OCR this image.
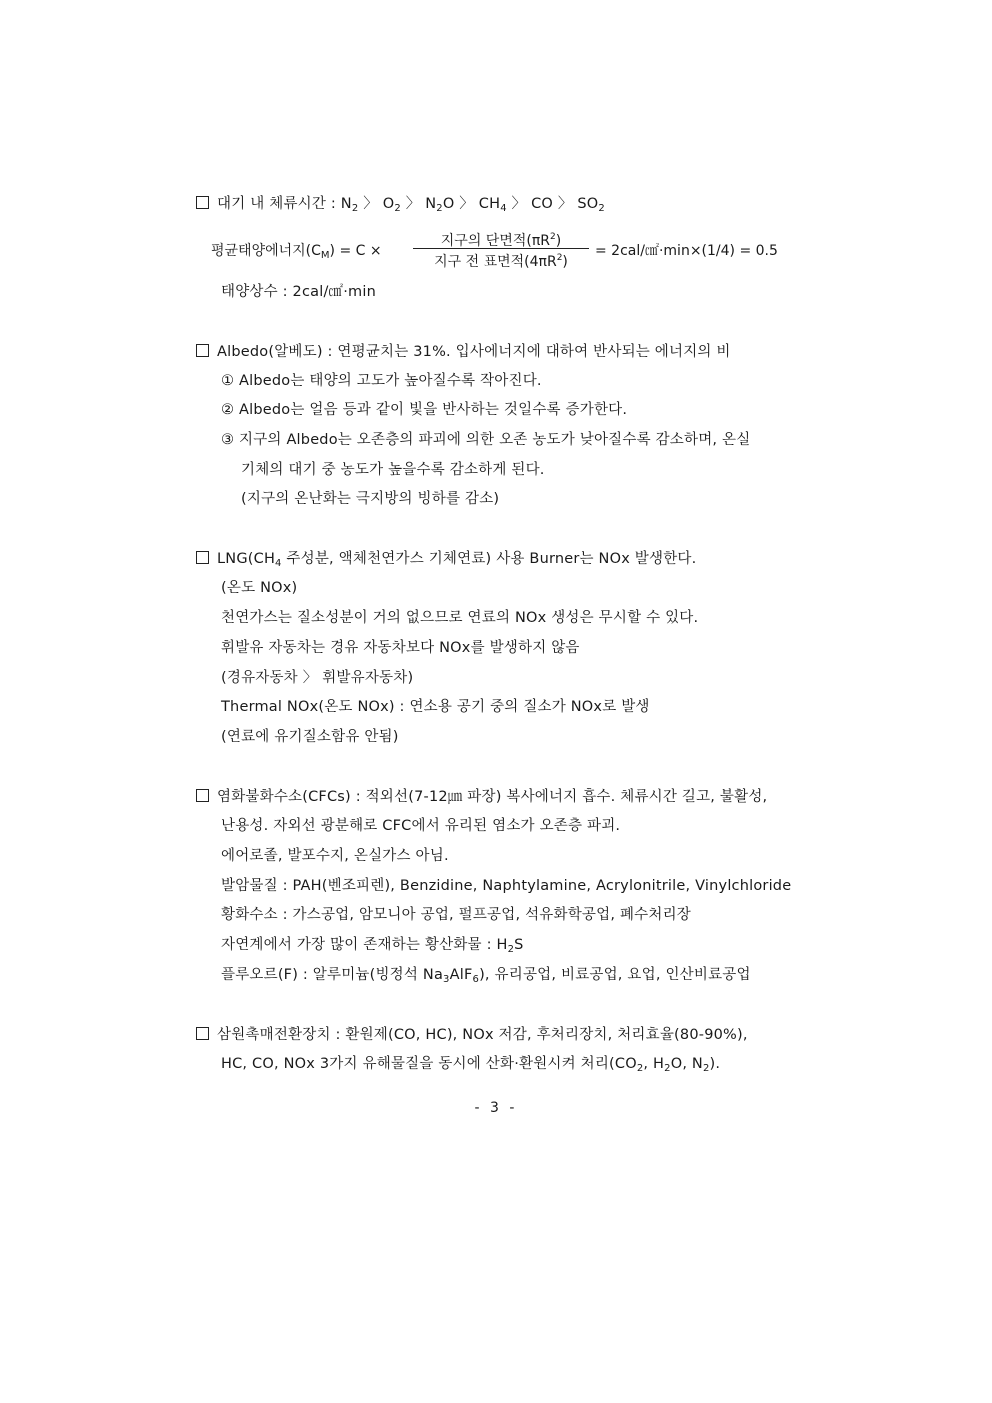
대기 내 체류시간 : $N_2$ 〉 $O_2$ 〉 $N_2O$ 〉 $CH_4$ 〉 CO 〉 $SO_2$
평균태양에너지$(C_M) = C$ ×
지구의 단면적$(\pi R^2)$
지구 전 표면적$(4\pi R^2)$
= 2cal/㎠·min×(1/4) = 0.5
태양상수 : 2cal/㎠·min
Albedo(알베도) : 연평균치는 31%. 입사에너지에 대하여 반사되는 에너지의 비
① Albedo는 태양의 고도가 높아질수록 작아진다.
② Albedo는 얼음 등과 같이 빛을 반사하는 것일수록 증가한다.
③ 지구의 Albedo는 오존층의 파괴에 의한 오존 농도가 낮아질수록 감소하며, 온실
기체의 대기 중 농도가 높을수록 감소하게 된다.
(지구의 온난화는 극지방의 빙하를 감소)
$LNG(CH_4$ 주성분, 액체천연가스 기체연료) 사용 Burner는 NOx 발생한다.
(온도 NOx)
천연가스는 질소성분이 거의 없으므로 연료의 NOx 생성은 무시할 수 있다.
휘발유 자동차는 경유 자동차보다 NOx를 발생하지 않음
(경유자동차 〉 휘발유자동차)
Thermal NOx(온도 NOx) : 연소용 공기 중의 질소가 NOx로 발생
(연료에 유기질소함유 안됨)
염화불화수소(CFCs) : 적외선(7-12㎛ 파장) 복사에너지 흡수. 체류시간 길고, 불활성,
난용성. 자외선 광분해로 CFC에서 유리된 염소가 오존층 파괴.
에어로졸, 발포수지, 온실가스 아님.
발암물질 : PAH(벤조피렌), Benzidine, Naphtylamine, Acrylonitrile, Vinylchloride
황화수소 : 가스공업, 암모니아 공업, 펄프공업, 석유화학공업, 폐수처리장
자연계에서 가장 많이 존재하는 황산화물 : $H_2S$
플루오르(F) : 알루미늄(빙정석 $Na_3AlF_6$), 유리공업, 비료공업, 요업, 인산비료공업
삼원촉매전환장치 : 환원제(CO, HC), NOx 저감, 후처리장치, 처리효율(80-90%),
HC, CO, NOx 3가지 유해물질을 동시에 산화·환원시켜 처리($CO_2$, $H_2O$, $N_2$).
- 3 -
